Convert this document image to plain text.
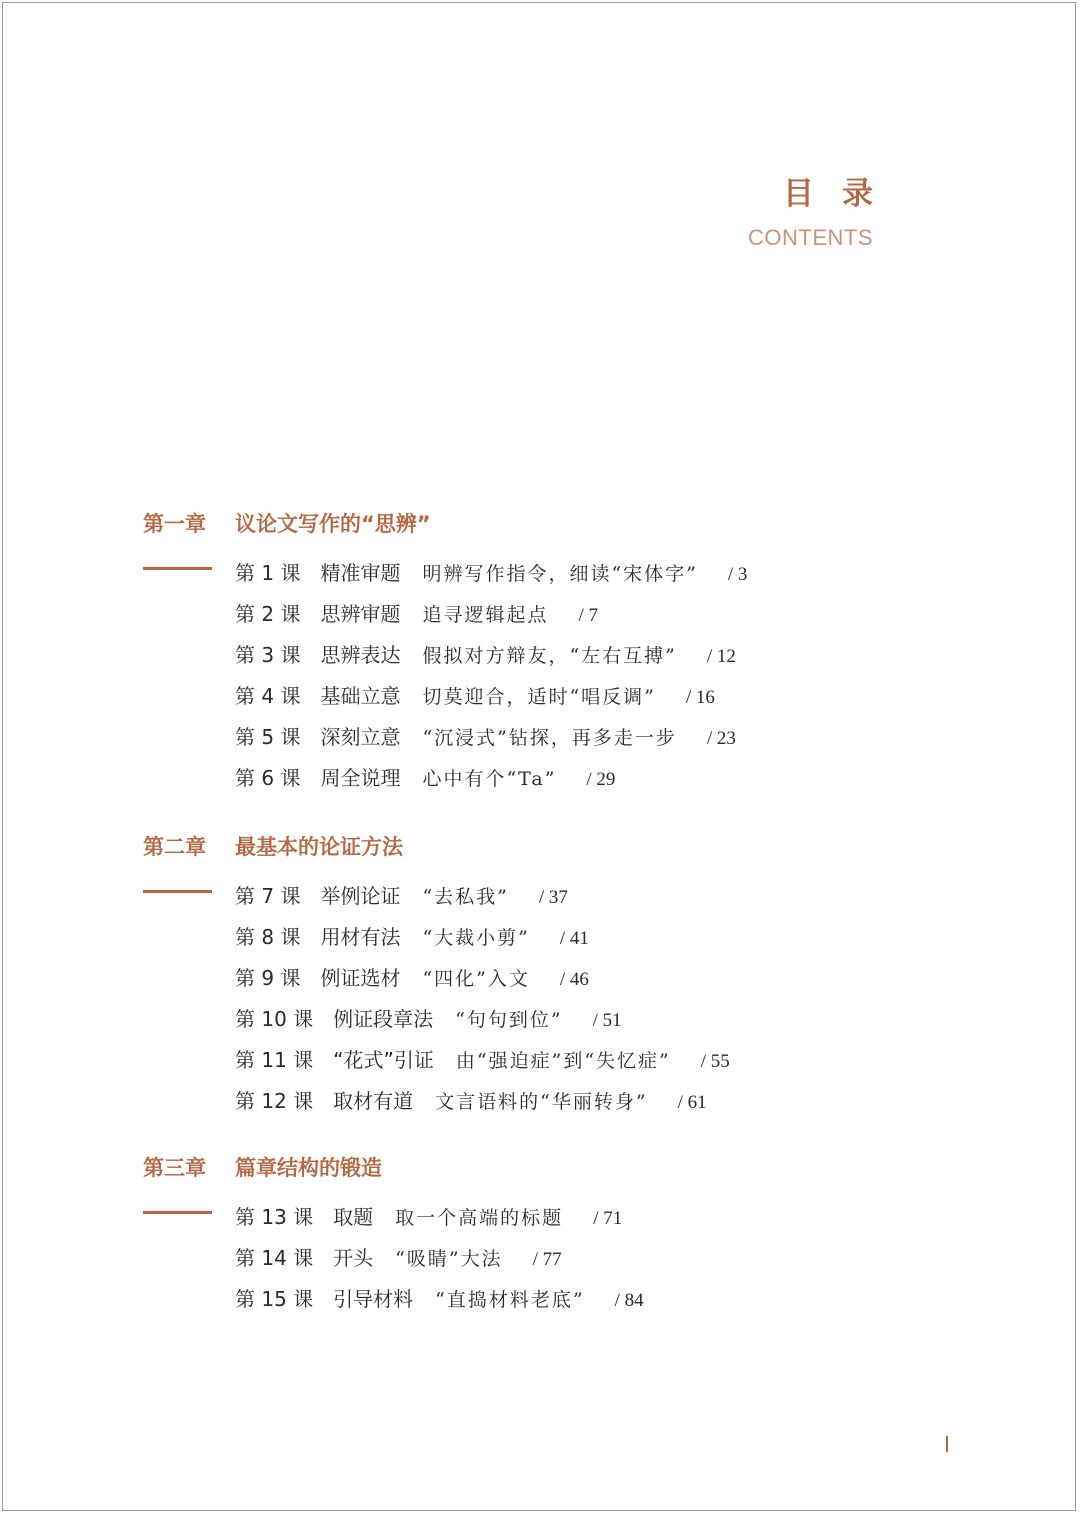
目录
CONTENTS
第一章 议论文写作的“思辨”
第 1 课 精准审题 明辨写作指令，细读“宋体字” / 3
第 2 课 思辨审题 追寻逻辑起点 / 7
第 3 课 思辨表达 假拟对方辩友，“左右互搏” / 12
第 4 课 基础立意 切莫迎合，适时“唱反调” / 16
第 5 课 深刻立意 “沉浸式”钻探，再多走一步 / 23
第 6 课 周全说理 心中有个“Ta” / 29
第二章 最基本的论证方法
第 7 课 举例论证 “去私我” / 37
第 8 课 用材有法 “大裁小剪” / 41
第 9 课 例证选材 “四化”入文 / 46
第 10 课 例证段章法 “句句到位” / 51
第 11 课 “花式”引证 由“强迫症”到“失忆症” / 55
第 12 课 取材有道 文言语料的“华丽转身” / 61
第三章 篇章结构的锻造
第 13 课 取题 取一个高端的标题 / 71
第 14 课 开头 “吸睛”大法 / 77
第 15 课 引导材料 “直捣材料老底” / 84
